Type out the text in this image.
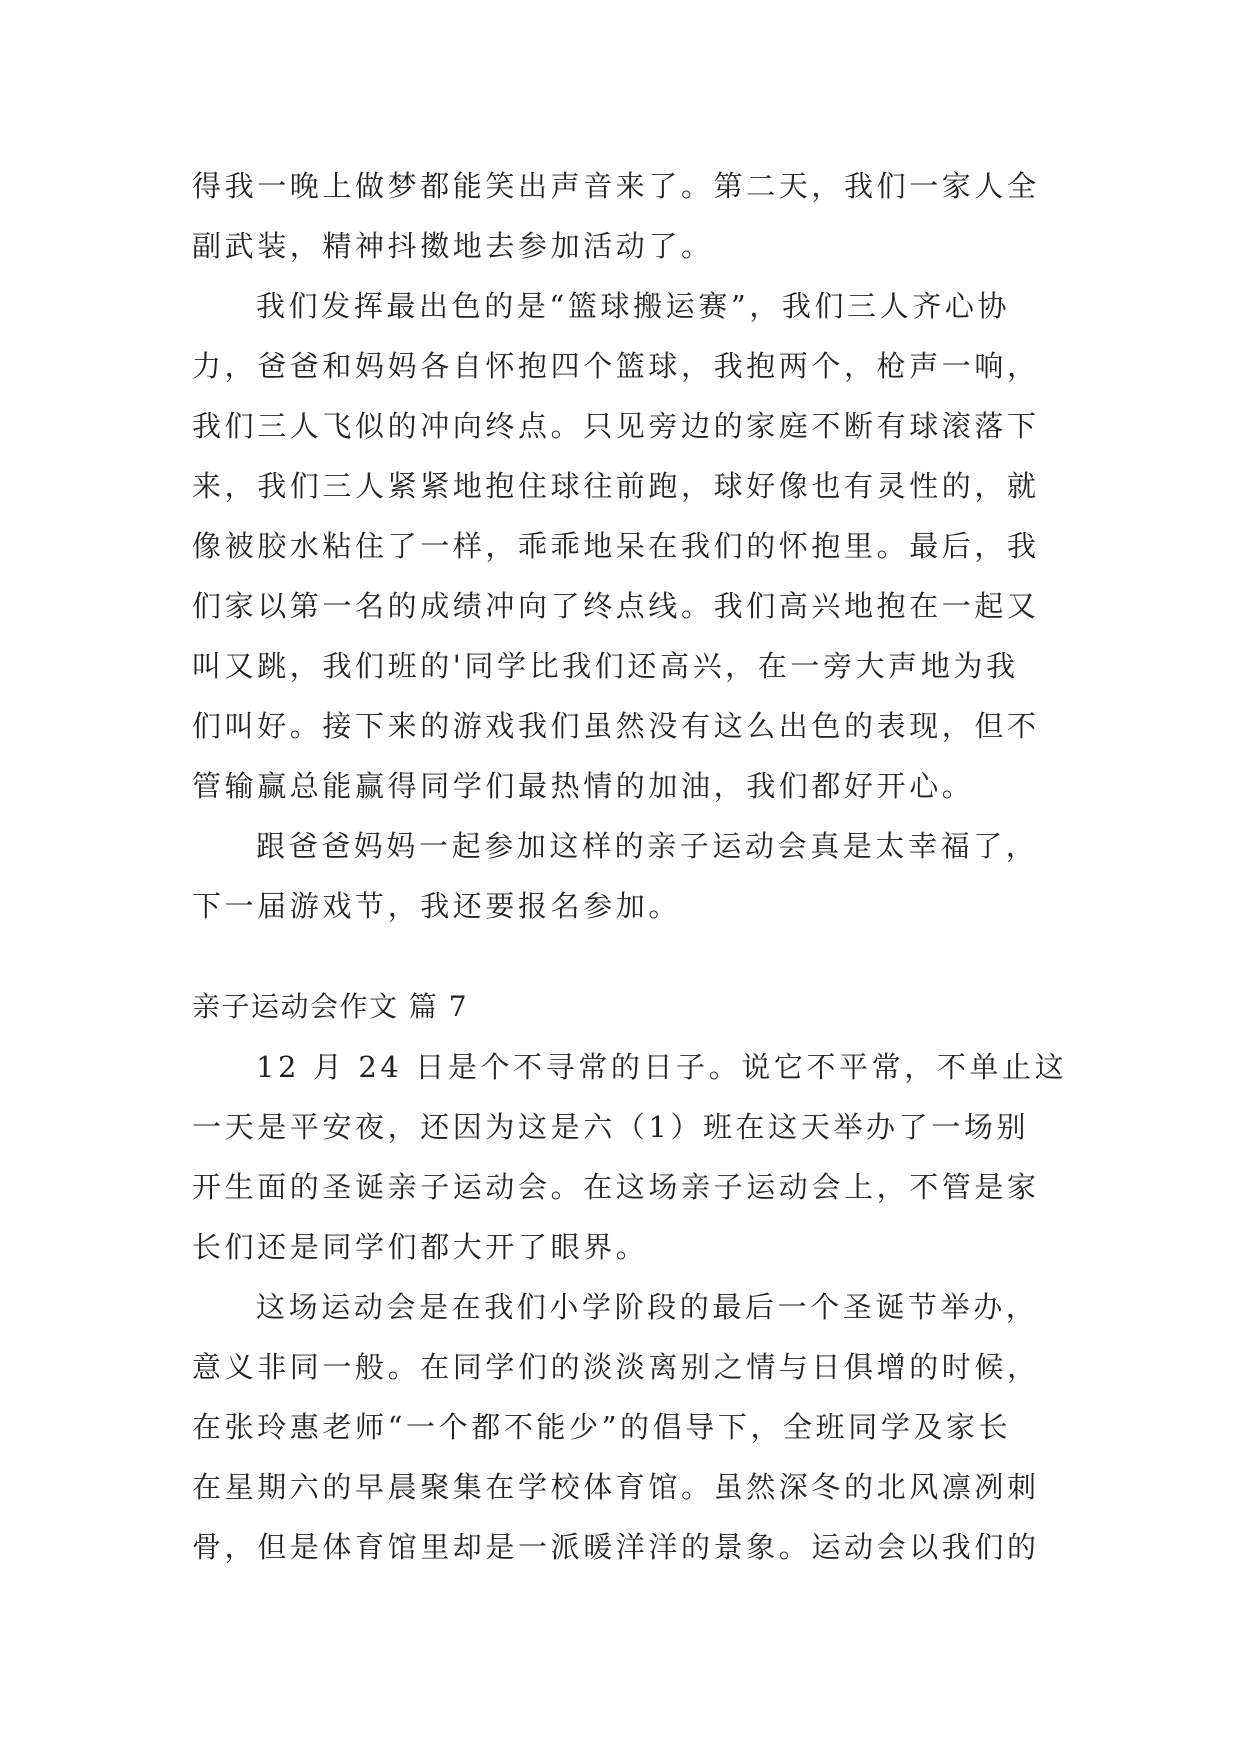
得我一晚上做梦都能笑出声音来了。第二天，我们一家人全
副武装，精神抖擞地去参加活动了。
我们发挥最出色的是“篮球搬运赛”，我们三人齐心协
力，爸爸和妈妈各自怀抱四个篮球，我抱两个，枪声一响，
我们三人飞似的冲向终点。只见旁边的家庭不断有球滚落下
来，我们三人紧紧地抱住球往前跑，球好像也有灵性的，就
像被胶水粘住了一样，乖乖地呆在我们的怀抱里。最后，我
们家以第一名的成绩冲向了终点线。我们高兴地抱在一起又
叫又跳，我们班的'同学比我们还高兴，在一旁大声地为我
们叫好。接下来的游戏我们虽然没有这么出色的表现，但不
管输赢总能赢得同学们最热情的加油，我们都好开心。
跟爸爸妈妈一起参加这样的亲子运动会真是太幸福了，
下一届游戏节，我还要报名参加。
亲子运动会作文 篇 7
12 月 24 日是个不寻常的日子。说它不平常，不单止这
一天是平安夜，还因为这是六（1）班在这天举办了一场别
开生面的圣诞亲子运动会。在这场亲子运动会上，不管是家
长们还是同学们都大开了眼界。
这场运动会是在我们小学阶段的最后一个圣诞节举办，
意义非同一般。在同学们的淡淡离别之情与日俱增的时候，
在张玲惠老师“一个都不能少”的倡导下，全班同学及家长
在星期六的早晨聚集在学校体育馆。虽然深冬的北风凛冽刺
骨，但是体育馆里却是一派暖洋洋的景象。运动会以我们的
